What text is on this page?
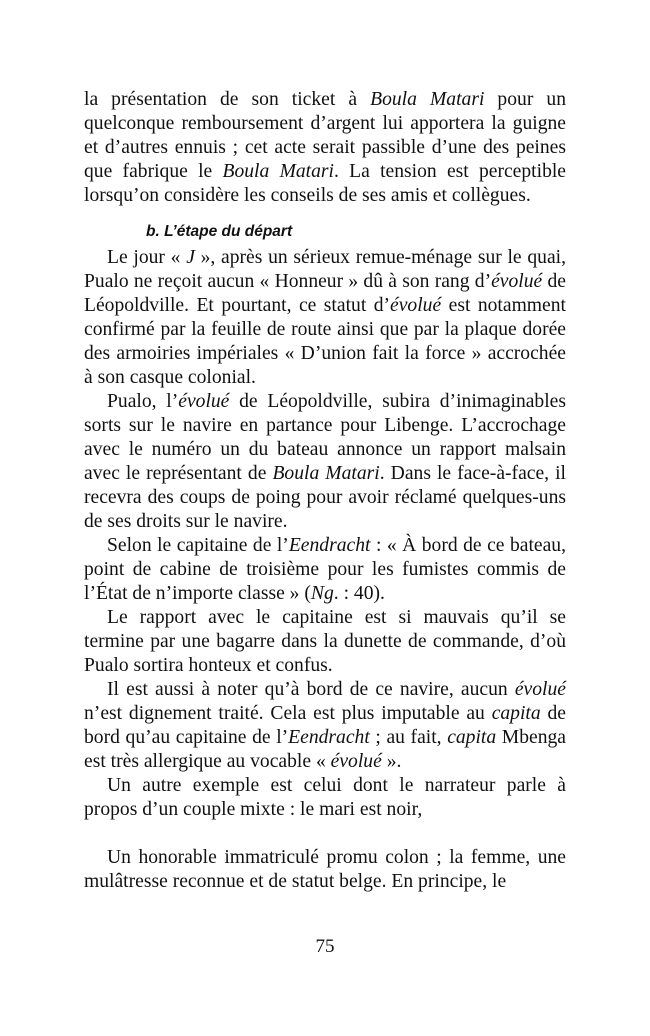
la présentation de son ticket à Boula Matari pour un quelconque remboursement d’argent lui apportera la guigne et d’autres ennuis ; cet acte serait passible d’une des peines que fabrique le Boula Matari. La tension est perceptible lorsqu’on considère les conseils de ses amis et collègues.

b. L’étape du départ

Le jour « J », après un sérieux remue-ménage sur le quai, Pualo ne reçoit aucun « Honneur » dû à son rang d’évolué de Léopoldville. Et pourtant, ce statut d’évolué est notamment confirmé par la feuille de route ainsi que par la plaque dorée des armoiries impériales « D’union fait la force » accrochée à son casque colonial.

Pualo, l’évolué de Léopoldville, subira d’inimaginables sorts sur le navire en partance pour Libenge. L’accrochage avec le numéro un du bateau annonce un rapport malsain avec le représentant de Boula Matari. Dans le face-à-face, il recevra des coups de poing pour avoir réclamé quelques-uns de ses droits sur le navire.

Selon le capitaine de l’Eendracht : « À bord de ce bateau, point de cabine de troisième pour les fumistes commis de l’État de n’importe classe » (Ng. : 40).

Le rapport avec le capitaine est si mauvais qu’il se termine par une bagarre dans la dunette de commande, d’où Pualo sortira honteux et confus.

Il est aussi à noter qu’à bord de ce navire, aucun évolué n’est dignement traité. Cela est plus imputable au capita de bord qu’au capitaine de l’Eendracht ; au fait, capita Mbenga est très allergique au vocable « évolué ».

Un autre exemple est celui dont le narrateur parle à propos d’un couple mixte : le mari est noir,

Un honorable immatriculé promu colon ; la femme, une mulâtresse reconnue et de statut belge. En principe, le

75
